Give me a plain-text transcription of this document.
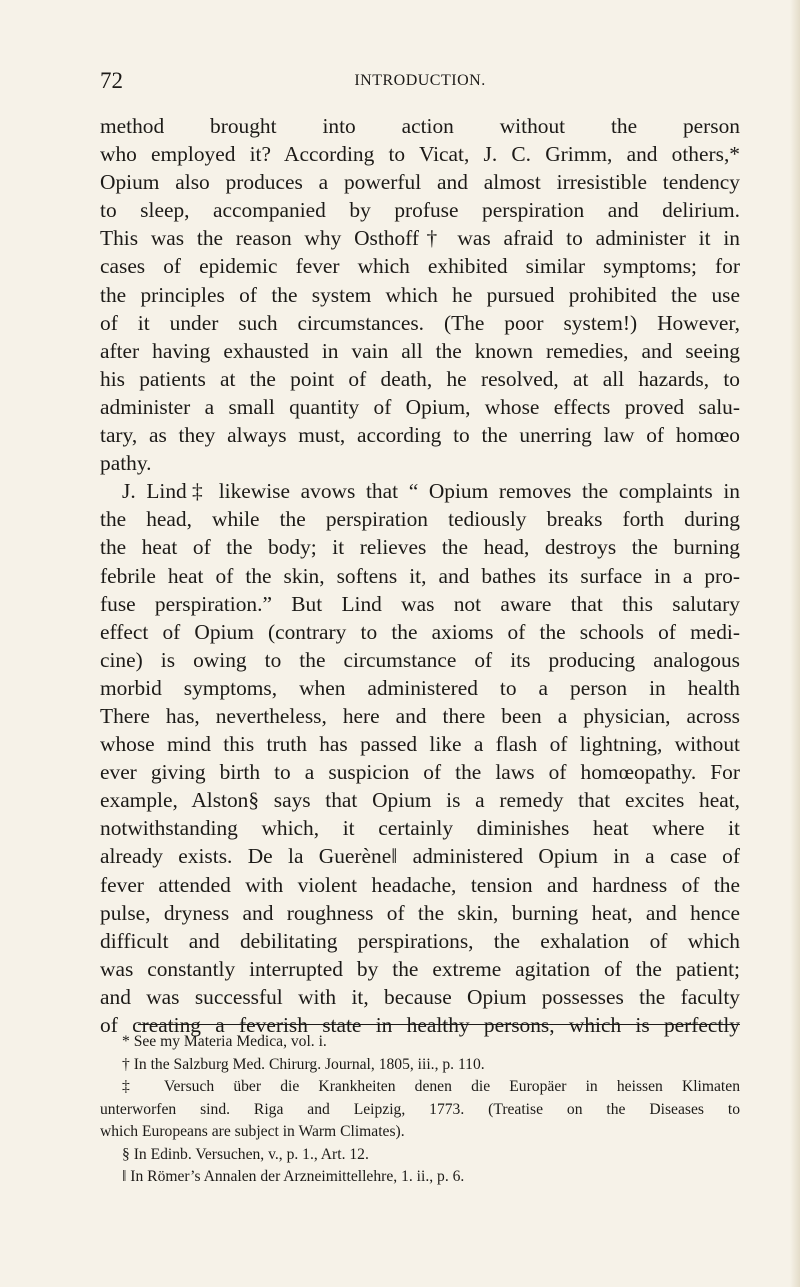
72	INTRODUCTION.
method brought into action without the person
who employed it? According to Vicat, J. C. Grimm, and others,*
Opium also produces a powerful and almost irresistible tendency
to sleep, accompanied by profuse perspiration and delirium.
This was the reason why Osthoff† was afraid to administer it in
cases of epidemic fever which exhibited similar symptoms; for
the principles of the system which he pursued prohibited the use
of it under such circumstances. (The poor system!) However,
after having exhausted in vain all the known remedies, and seeing
his patients at the point of death, he resolved, at all hazards, to
administer a small quantity of Opium, whose effects proved salu-
tary, as they always must, according to the unerring law of homœo
pathy.
J. Lind‡ likewise avows that “ Opium removes the complaints in
the head, while the perspiration tediously breaks forth during
the heat of the body; it relieves the head, destroys the burning
febrile heat of the skin, softens it, and bathes its surface in a pro-
fuse perspiration.” But Lind was not aware that this salutary
effect of Opium (contrary to the axioms of the schools of medi-
cine) is owing to the circumstance of its producing analogous
morbid symptoms, when administered to a person in health
There has, nevertheless, here and there been a physician, across
whose mind this truth has passed like a flash of lightning, without
ever giving birth to a suspicion of the laws of homœopathy. For
example, Alston§ says that Opium is a remedy that excites heat,
notwithstanding which, it certainly diminishes heat where it
already exists. De la Guerène‖ administered Opium in a case of
fever attended with violent headache, tension and hardness of the
pulse, dryness and roughness of the skin, burning heat, and hence
difficult and debilitating perspirations, the exhalation of which
was constantly interrupted by the extreme agitation of the patient;
and was successful with it, because Opium possesses the faculty
of creating a feverish state in healthy persons, which is perfectly
* See my Materia Medica, vol. i.
† In the Salzburg Med. Chirurg. Journal, 1805, iii., p. 110.
‡ Versuch über die Krankheiten denen die Europäer in heissen Klimaten
unterworfen sind. Riga and Leipzig, 1773. (Treatise on the Diseases to
which Europeans are subject in Warm Climates).
§ In Edinb. Versuchen, v., p. 1., Art. 12.
‖ In Römer’s Annalen der Arzneimittellehre, 1. ii., p. 6.
